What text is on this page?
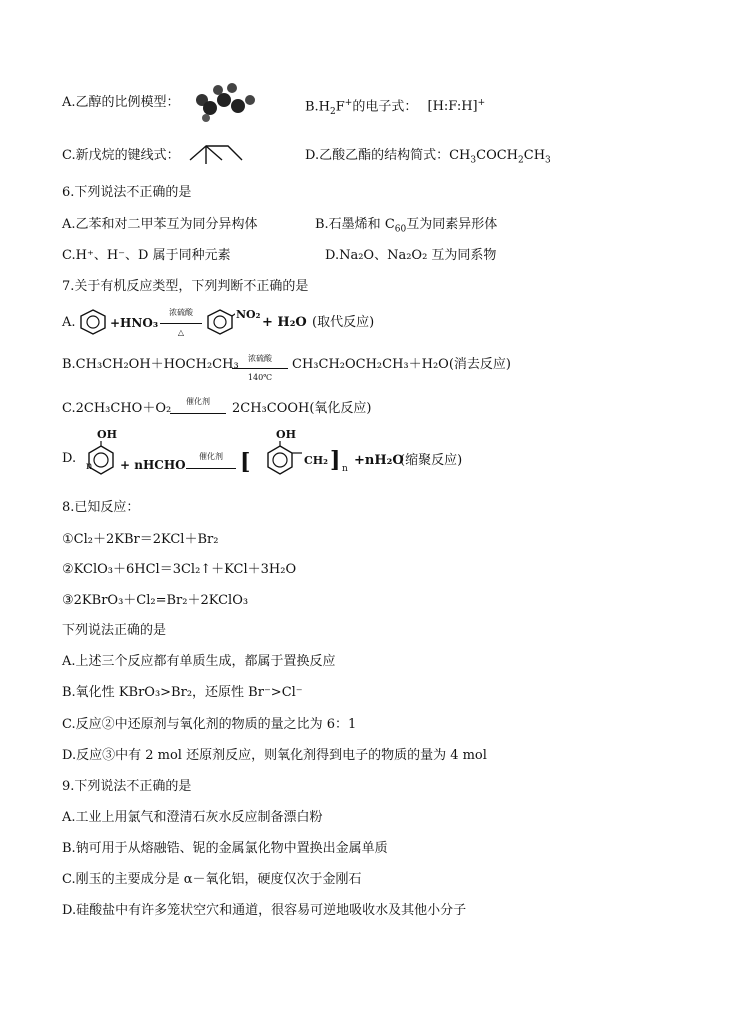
A.乙醇的比例模型：	$B.H_2F^+$的电子式： [H:F:H]+
C.新戊烷的键线式：	D.乙酸乙酯的结构简式：$CH_3COCH_2CH_3$
6.下列说法不正确的是
A.乙苯和对二甲苯互为同分异构体	B.石墨烯和 $C_{60}$互为同素异形体
C.H⁺、H⁻、D 属于同种元素	D.Na₂O、Na₂O₂ 互为同系物
7.关于有机反应类型，下列判断不正确的是
A.	+HNO₃
浓硫酸
△
NO₂
+ H₂O (取代反应)
B.CH₃CH₂OH＋HOCH₂CH₃	浓硫酸
140℃
CH₃CH₂OCH₂CH₃＋H₂O(消去反应)
C.2CH₃CHO＋O₂	催化剂	2CH₃COOH(氧化反应)
D.
OH
n + nHCHO
催化剂
OH
[	CH₂ ] n
+nH₂O
(缩聚反应)
8.已知反应：
①Cl₂＋2KBr＝2KCl＋Br₂
②KClO₃＋6HCl＝3Cl₂↑＋KCl＋3H₂O
③2KBrO₃＋Cl₂=Br₂＋2KClO₃
下列说法正确的是
A.上述三个反应都有单质生成，都属于置换反应
B.氧化性 KBrO₃>Br₂，还原性 Br⁻>Cl⁻
C.反应②中还原剂与氧化剂的物质的量之比为 6：1
D.反应③中有 2 mol 还原剂反应，则氧化剂得到电子的物质的量为 4 mol
9.下列说法不正确的是
A.工业上用氯气和澄清石灰水反应制备漂白粉
B.钠可用于从熔融锆、铌的金属氯化物中置换出金属单质
C.刚玉的主要成分是 α－氧化铝，硬度仅次于金刚石
D.硅酸盐中有许多笼状空穴和通道，很容易可逆地吸收水及其他小分子
